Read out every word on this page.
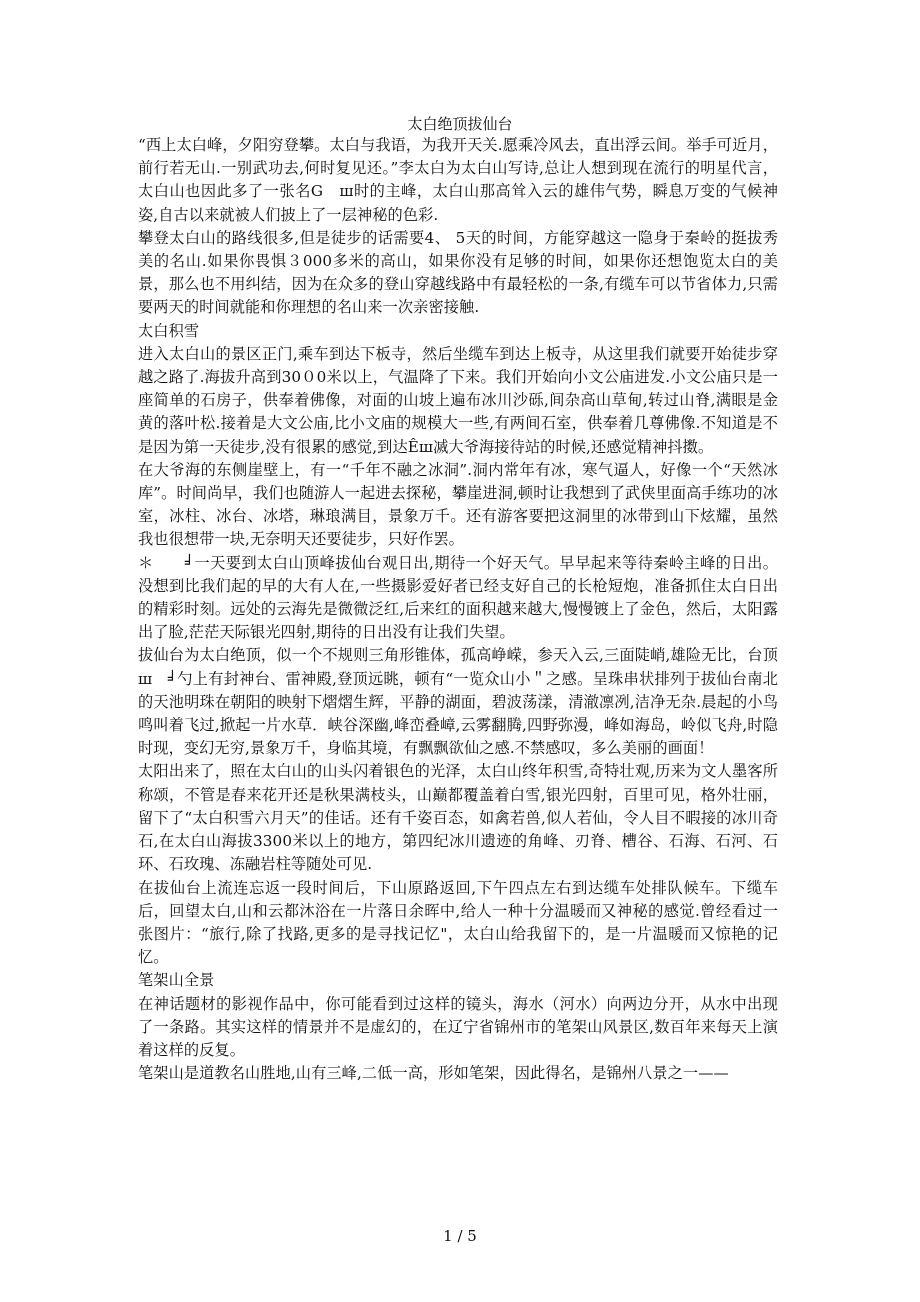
太白绝顶拔仙台

“西上太白峰，夕阳穷登攀。太白与我语，为我开天关.愿乘冷风去，直出浮云间。举手可近月，前行若无山.一别武功去,何时复见还。”李太白为太白山写诗,总让人想到现在流行的明星代言，太白山也因此多了一张名G　ш时的主峰，太白山那高耸入云的雄伟气势，瞬息万变的气候神姿,自古以来就被人们披上了一层神秘的色彩.

攀登太白山的路线很多,但是徒步的话需要4、 5天的时间，方能穿越这一隐身于秦岭的挺拔秀美的名山.如果你畏惧３000多米的高山，如果你没有足够的时间，如果你还想饱览太白的美景，那么也不用纠结，因为在众多的登山穿越线路中有最轻松的一条,有缆车可以节省体力,只需要两天的时间就能和你理想的名山来一次亲密接触.

太白积雪

进入太白山的景区正门,乘车到达下板寺，然后坐缆车到达上板寺，从这里我们就要开始徒步穿越之路了.海拔升高到30０0米以上，气温降了下来。我们开始向小文公庙进发.小文公庙只是一座简单的石房子，供奉着佛像，对面的山坡上遍布冰川沙砾,间杂高山草甸,转过山脊,满眼是金黄的落叶松.接着是大文公庙,比小文庙的规模大一些,有两间石室，供奉着几尊佛像.不知道是不是因为第一天徒步,没有很累的感觉,到达Êш㓕大爷海接待站的时候,还感觉精神抖擞。

在大爷海的东侧崖壁上，有一“千年不融之冰洞”.洞内常年有冰，寒气逼人，好像一个“天然冰库”。时间尚早，我们也随游人一起进去探秘，攀崖进洞,顿时让我想到了武侠里面高手练功的冰室，冰柱、冰台、冰塔，琳琅满目，景象万千。还有游客要把这洞里的冰带到山下炫耀，虽然我也很想带一块,无奈明天还要徒步，只好作罢。

＊　　╛一天要到太白山顶峰拔仙台观日出,期待一个好天气。早早起来等待秦岭主峰的日出。没想到比我们起的早的大有人在,一些摄影爱好者已经支好自己的长枪短炮，准备抓住太白日出的精彩时刻。远处的云海先是微微泛红,后来红的面积越来越大,慢慢镀上了金色，然后，太阳露出了脸,茫茫天际银光四射,期待的日出没有让我们失望。

拔仙台为太白绝顶，似一个不规则三角形锥体，孤高峥嵘，参天入云,三面陡峭,雄险无比，台顶ш　╛勺上有封神台、雷神殿,登顶远眺，顿有“一览众山小＂之感。呈珠串状排列于拔仙台南北的天池明珠在朝阳的映射下熠熠生辉，平静的湖面，碧波荡漾，清澈凛冽,洁净无杂.晨起的小鸟鸣叫着飞过,掀起一片水草．峡谷深幽,峰峦叠嶂,云雾翻腾,四野弥漫，峰如海岛，岭似飞舟,时隐时现，变幻无穷,景象万千，身临其境，有飘飘欲仙之感.不禁感叹，多么美丽的画面！

太阳出来了，照在太白山的山头闪着银色的光泽，太白山终年积雪,奇特壮观,历来为文人墨客所称颂，不管是春来花开还是秋果满枝头，山巅都覆盖着白雪,银光四射，百里可见，格外壮丽，留下了“太白积雪六月天”的佳话。还有千姿百态，如禽若兽,似人若仙，令人目不暇接的冰川奇石,在太白山海拔3300米以上的地方，第四纪冰川遗迹的角峰、刃脊、槽谷、石海、石河、石环、石玫瑰、冻融岩柱等随处可见.

在拔仙台上流连忘返一段时间后，下山原路返回,下午四点左右到达缆车处排队候车。下缆车后，回望太白,山和云都沐浴在一片落日余晖中,给人一种十分温暖而又神秘的感觉.曾经看过一张图片：“旅行,除了找路,更多的是寻找记忆"，太白山给我留下的，是一片温暖而又惊艳的记忆。

笔架山全景

在神话题材的影视作品中，你可能看到过这样的镜头，海水（河水）向两边分开，从水中出现了一条路。其实这样的情景并不是虚幻的，在辽宁省锦州市的笔架山风景区,数百年来每天上演着这样的反复。

笔架山是道教名山胜地,山有三峰,二低一高，形如笔架，因此得名，是锦州八景之一——

1 / 5
